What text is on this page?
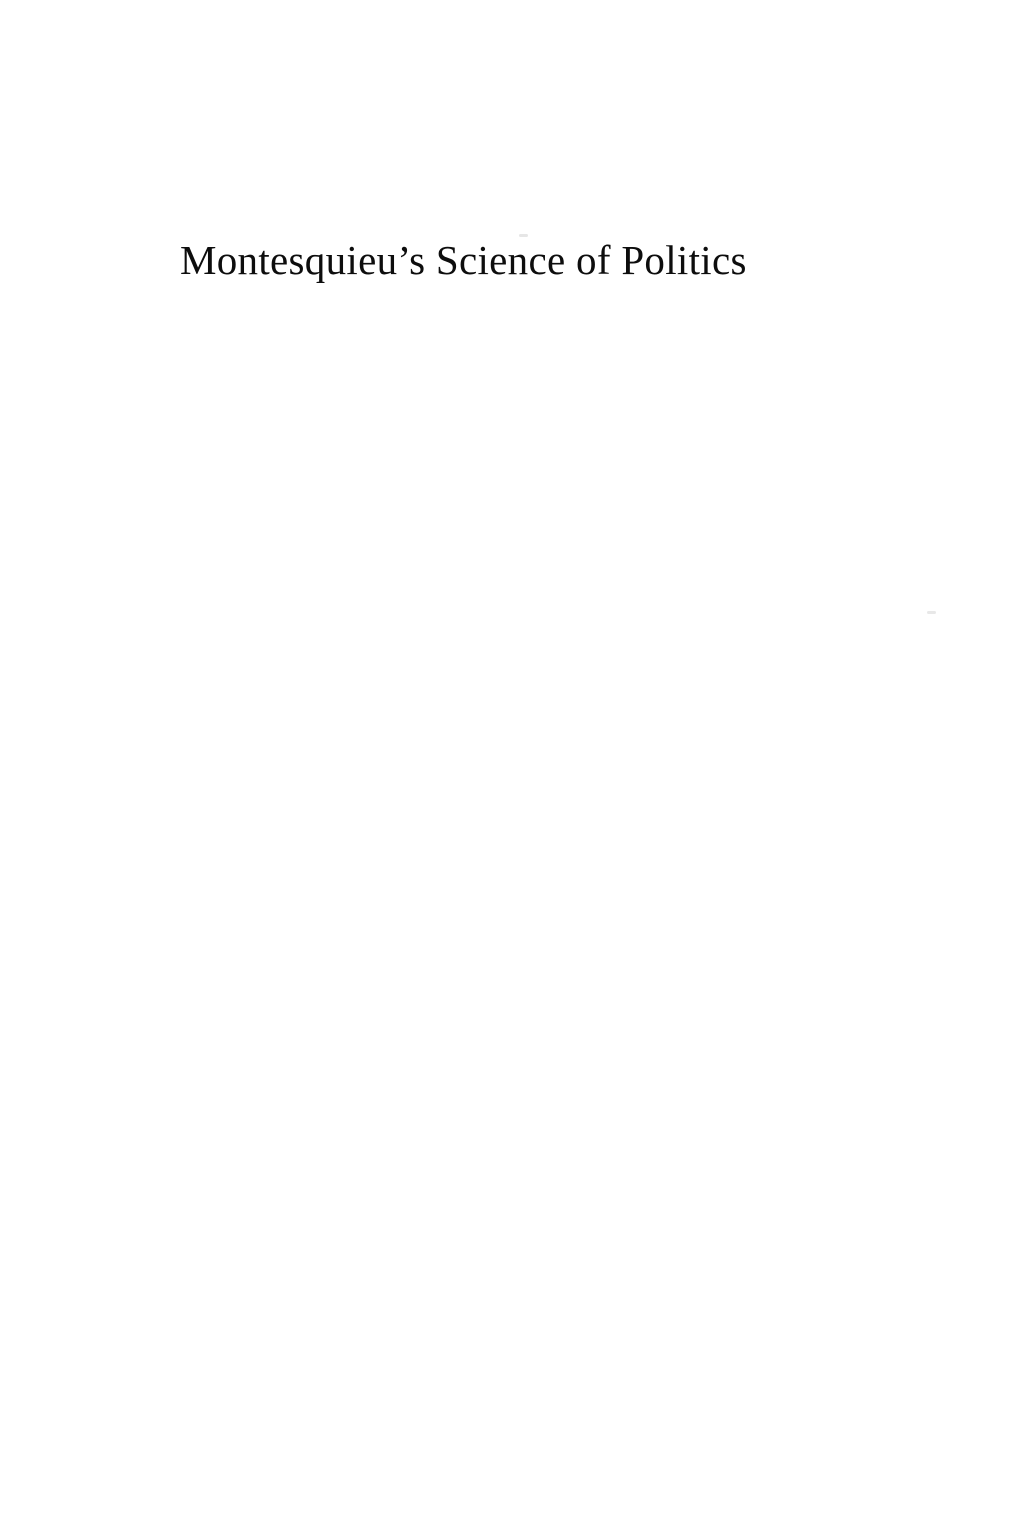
Montesquieu’s Science of Politics
